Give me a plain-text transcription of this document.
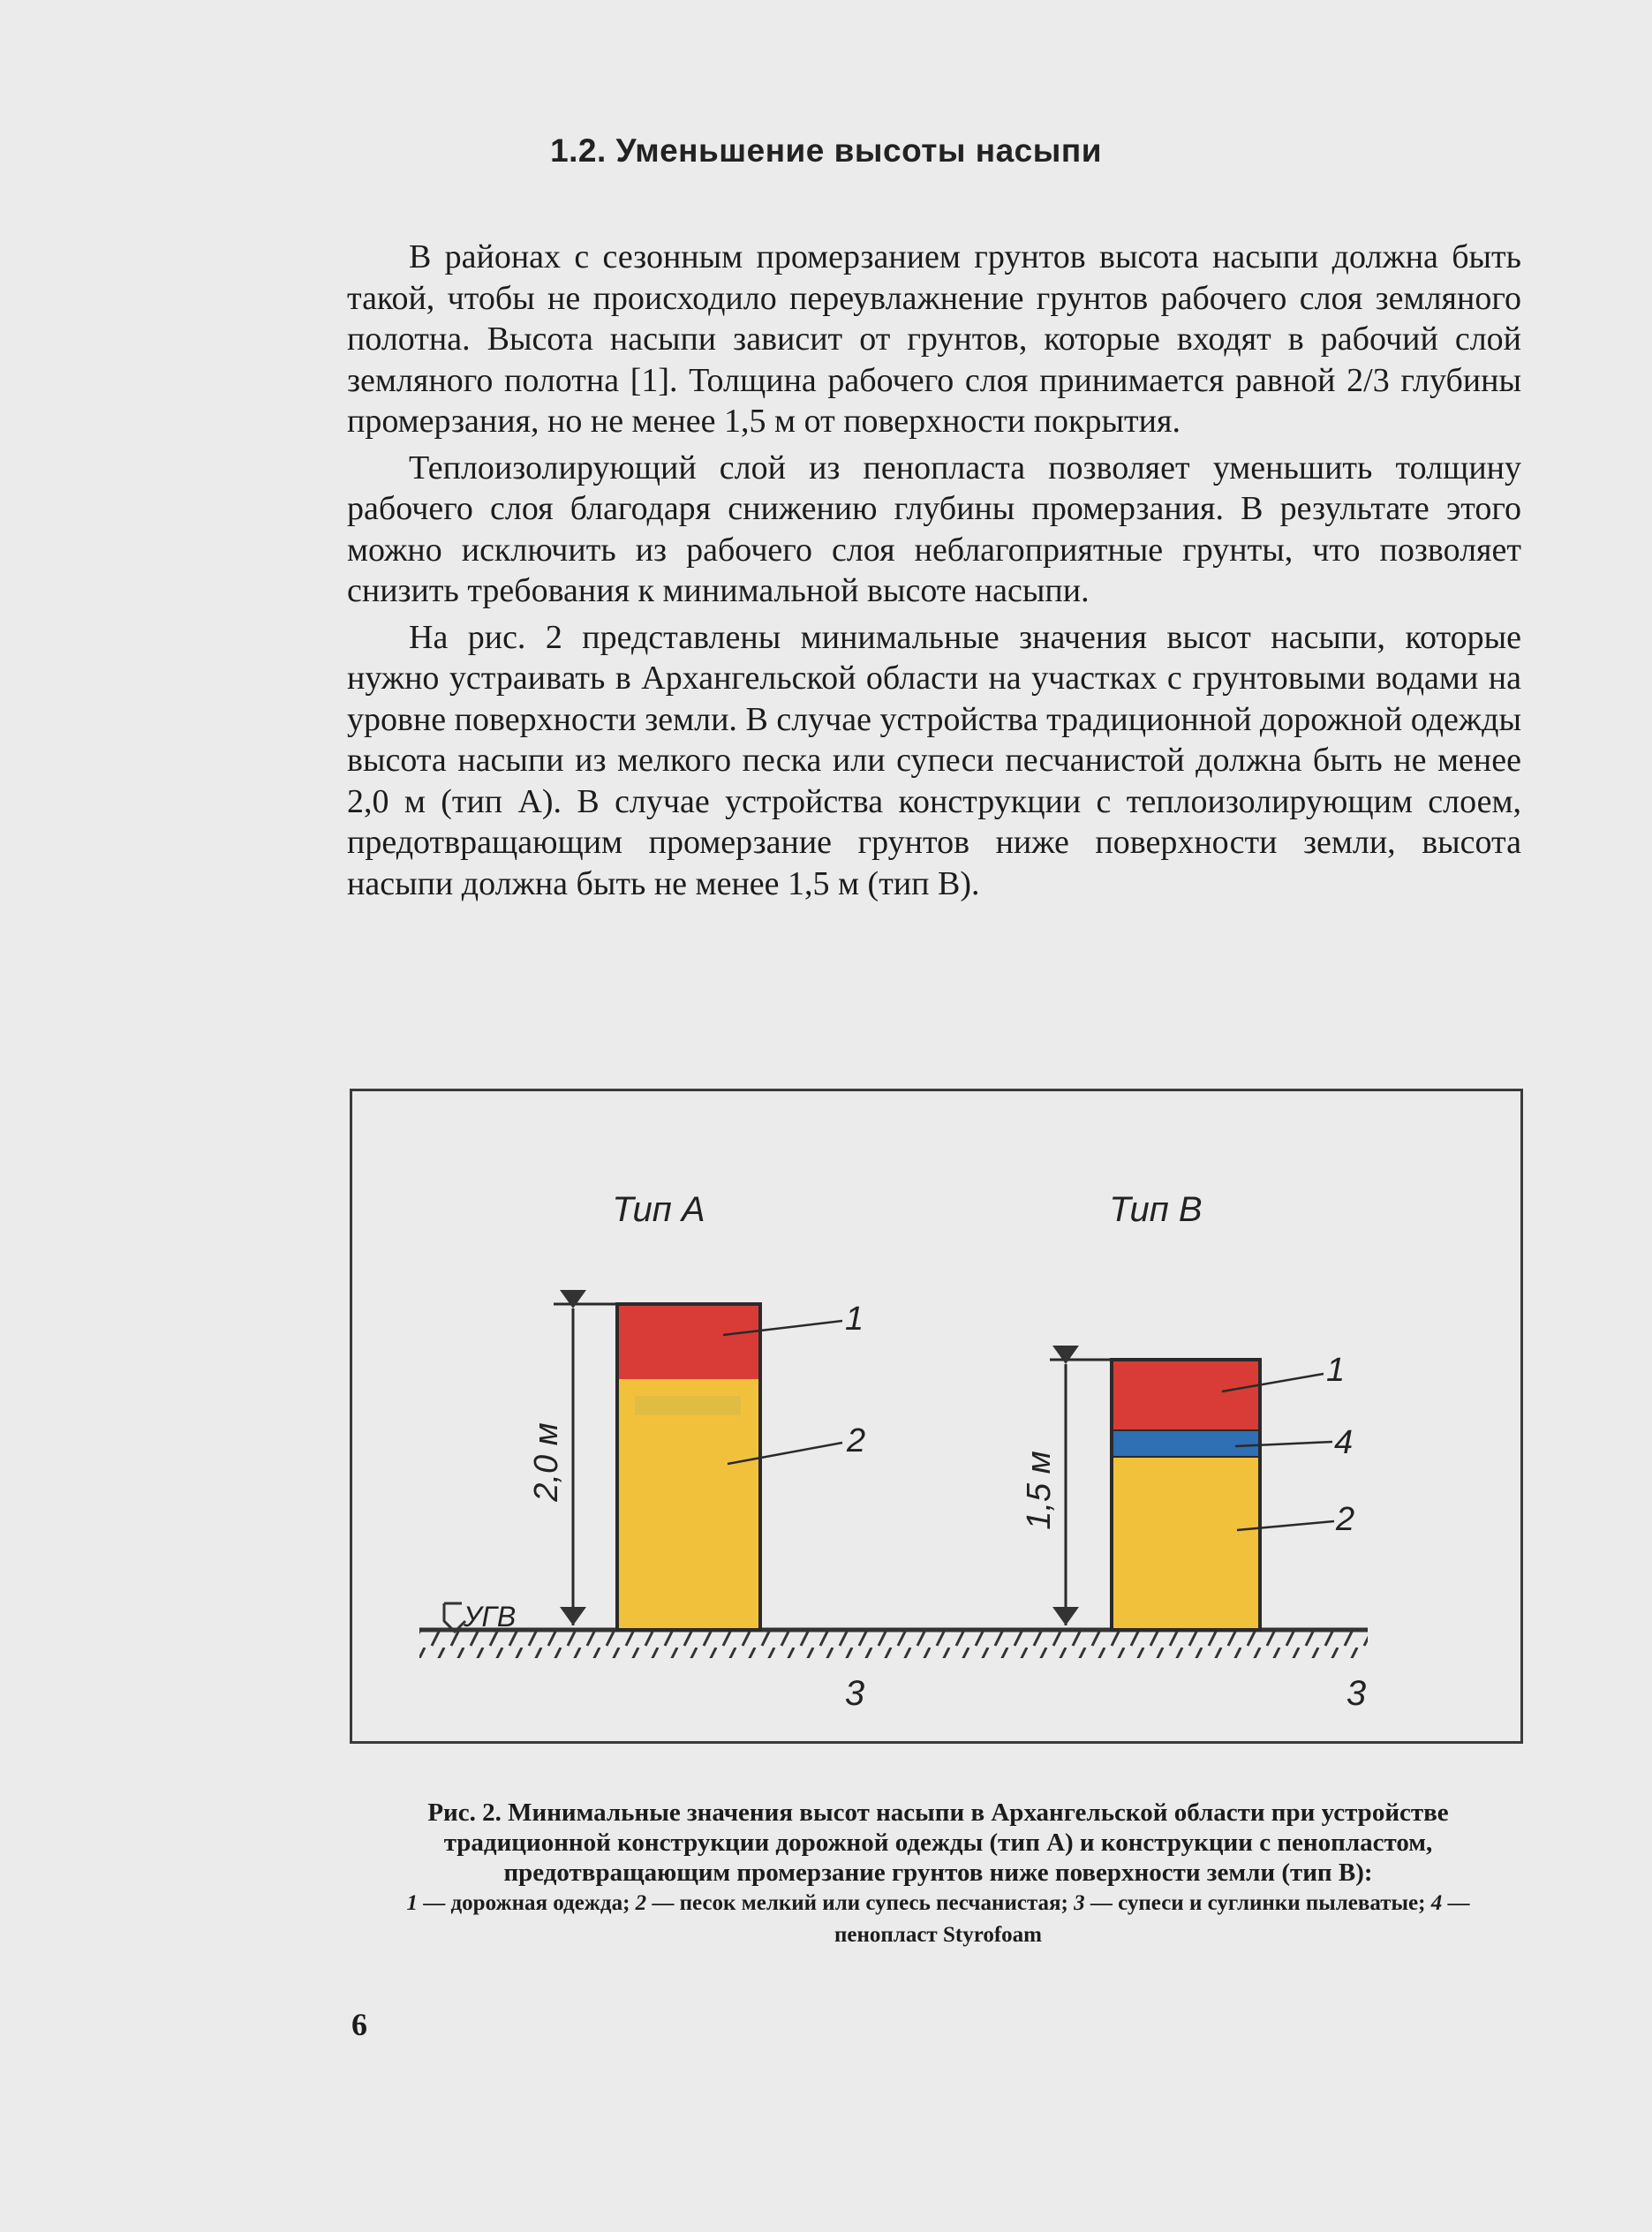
1.2. Уменьшение высоты насыпи

В районах с сезонным промерзанием грунтов высота насыпи должна быть такой, чтобы не происходило переувлажнение грунтов рабочего слоя земляного полотна. Высота насыпи зависит от грунтов, которые входят в рабочий слой земляного полотна [1]. Толщина рабочего слоя принимается равной 2/3 глубины промерзания, но не менее 1,5 м от поверхности покрытия.

Теплоизолирующий слой из пенопласта позволяет уменьшить толщину рабочего слоя благодаря снижению глубины промерзания. В результате этого можно исключить из рабочего слоя неблагоприятные грунты, что позволяет снизить требования к минимальной высоте насыпи.

На рис. 2 представлены минимальные значения высот насыпи, которые нужно устраивать в Архангельской области на участках с грунтовыми водами на уровне поверхности земли. В случае устройства традиционной дорожной одежды высота насыпи из мелкого песка или супеси песчанистой должна быть не менее 2,0 м (тип А). В случае устройства конструкции с теплоизолирующим слоем, предотвращающим промерзание грунтов ниже поверхности земли, высота насыпи должна быть не менее 1,5 м (тип В).

Тип А	Тип В
3	3
УГВ
1
2
2,0 м
1
4
2
1,5 м

Рис. 2. Минимальные значения высот насыпи в Архангельской области при устройстве традиционной конструкции дорожной одежды (тип А) и конструкции с пенопластом, предотвращающим промерзание грунтов ниже поверхности земли (тип В):

1 — дорожная одежда; 2 — песок мелкий или супесь песчанистая; 3 — супеси и суглинки пылеватые; 4 — пенопласт Styrofoam

6
